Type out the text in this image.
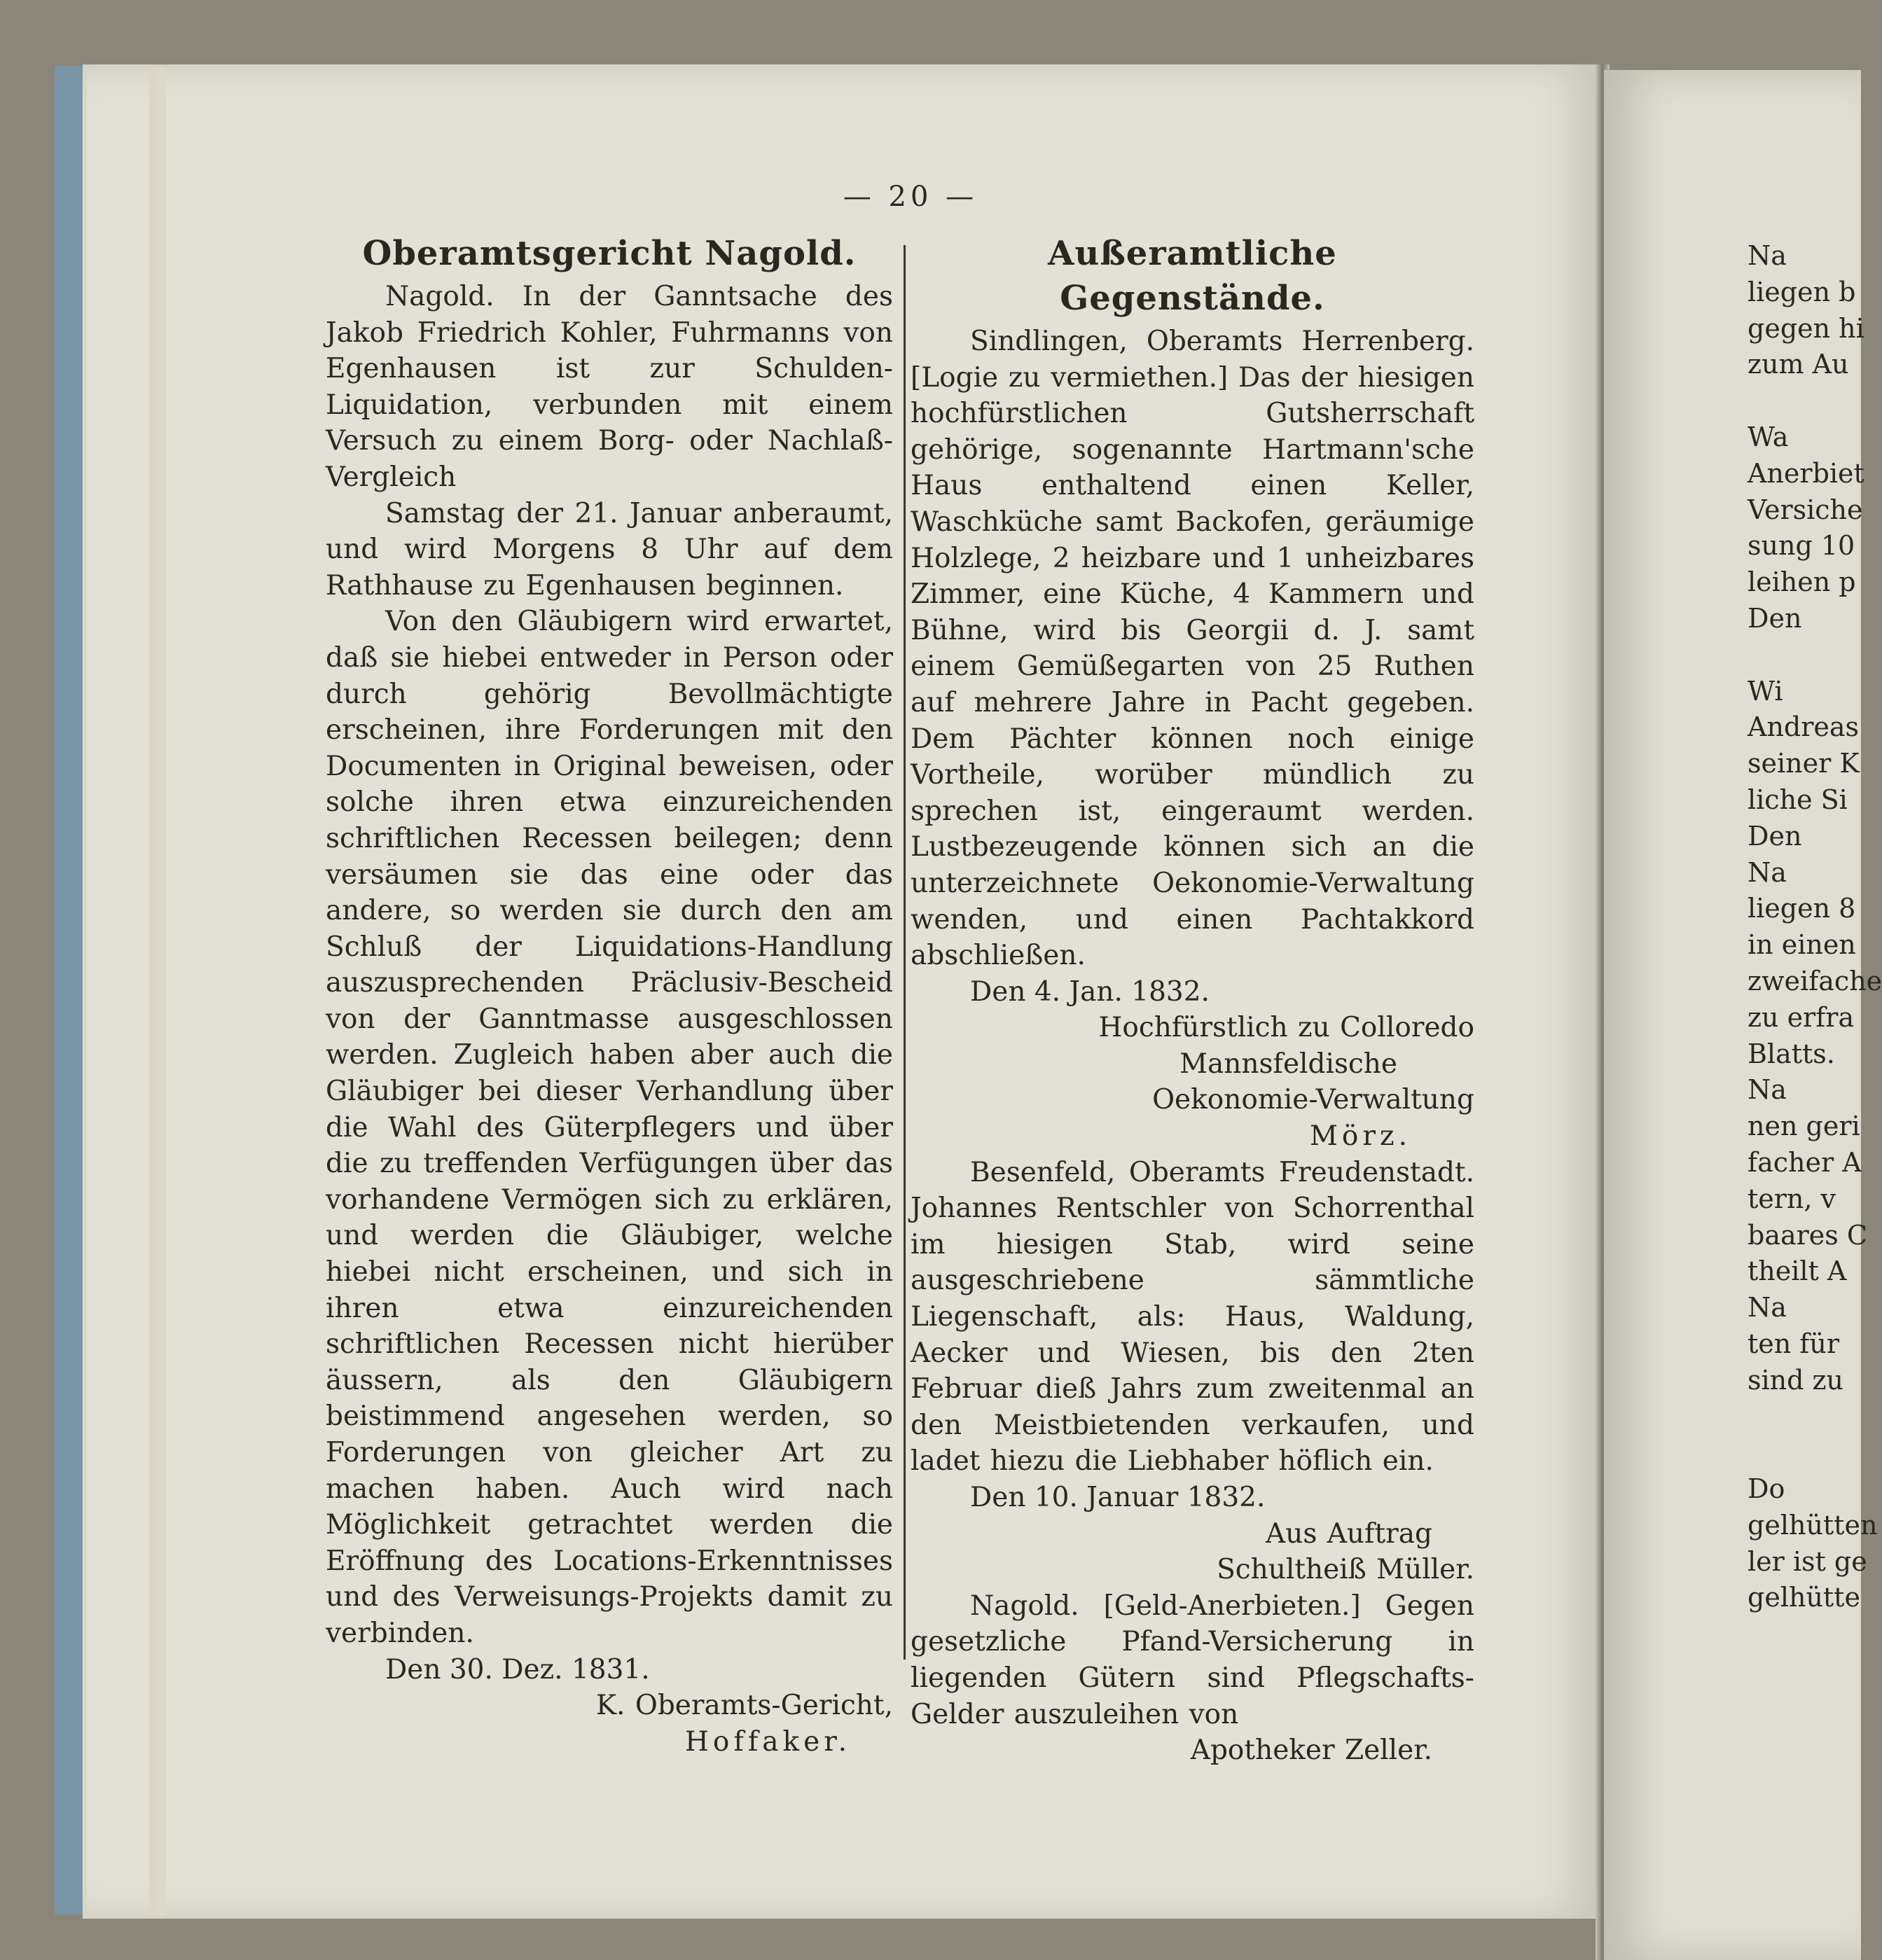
— 20 —

Oberamtsgericht Nagold.

Nagold. In der Ganntsache des Jakob Friedrich Kohler, Fuhrmanns von Egenhausen ist zur Schulden-Liquidation, verbunden mit einem Versuch zu einem Borg- oder Nachlaß-Vergleich

Samstag der 21. Januar anberaumt, und wird Morgens 8 Uhr auf dem Rathhause zu Egenhausen beginnen.

Von den Gläubigern wird erwartet, daß sie hiebei entweder in Person oder durch gehörig Bevollmächtigte erscheinen, ihre Forderungen mit den Documenten in Original beweisen, oder solche ihren etwa einzureichenden schriftlichen Recessen beilegen; denn versäumen sie das eine oder das andere, so werden sie durch den am Schluß der Liquidations-Handlung auszusprechenden Präclusiv-Bescheid von der Ganntmasse ausgeschlossen werden. Zugleich haben aber auch die Gläubiger bei dieser Verhandlung über die Wahl des Güterpflegers und über die zu treffenden Verfügungen über das vorhandene Vermögen sich zu erklären, und werden die Gläubiger, welche hiebei nicht erscheinen, und sich in ihren etwa einzureichenden schriftlichen Recessen nicht hierüber äussern, als den Gläubigern beistimmend angesehen werden, so Forderungen von gleicher Art zu machen haben. Auch wird nach Möglichkeit getrachtet werden die Eröffnung des Locations-Erkenntnisses und des Verweisungs-Projekts damit zu verbinden.

Den 30. Dez. 1831.

K. Oberamts-Gericht,

Hoffaker.

Außeramtliche Gegenstände.

Sindlingen, Oberamts Herrenberg. [Logie zu vermiethen.] Das der hiesigen hochfürstlichen Gutsherrschaft gehörige, sogenannte Hartmann'sche Haus enthaltend einen Keller, Waschküche samt Backofen, geräumige Holzlege, 2 heizbare und 1 unheizbares Zimmer, eine Küche, 4 Kammern und Bühne, wird bis Georgii d. J. samt einem Gemüßegarten von 25 Ruthen auf mehrere Jahre in Pacht gegeben. Dem Pächter können noch einige Vortheile, worüber mündlich zu sprechen ist, eingeraumt werden. Lustbezeugende können sich an die unterzeichnete Oekonomie-Verwaltung wenden, und einen Pachtakkord abschließen.

Den 4. Jan. 1832.

Hochfürstlich zu Colloredo

Mannsfeldische

Oekonomie-Verwaltung

Mörz.

Besenfeld, Oberamts Freudenstadt. Johannes Rentschler von Schorrenthal im hiesigen Stab, wird seine ausgeschriebene sämmtliche Liegenschaft, als: Haus, Waldung, Aecker und Wiesen, bis den 2ten Februar dieß Jahrs zum zweitenmal an den Meistbietenden verkaufen, und ladet hiezu die Liebhaber höflich ein.

Den 10. Januar 1832.

Aus Auftrag

Schultheiß Müller.

Nagold. [Geld-Anerbieten.] Gegen gesetzliche Pfand-Versicherung in liegenden Gütern sind Pflegschafts-Gelder auszuleihen von

Apotheker Zeller.

Na

liegen b

gegen hi

zum Au

Wa

Anerbiet

Versiche

sung 10

leihen p

Den

Wi

Andreas

seiner K

liche Si

Den

Na

liegen 8

in einen

zweifache

zu erfra

Blatts.

Na

nen geri

facher A

tern, v

baares C

theilt A

Na

ten für

sind zu

Do

gelhütten

ler ist ge

gelhütte
